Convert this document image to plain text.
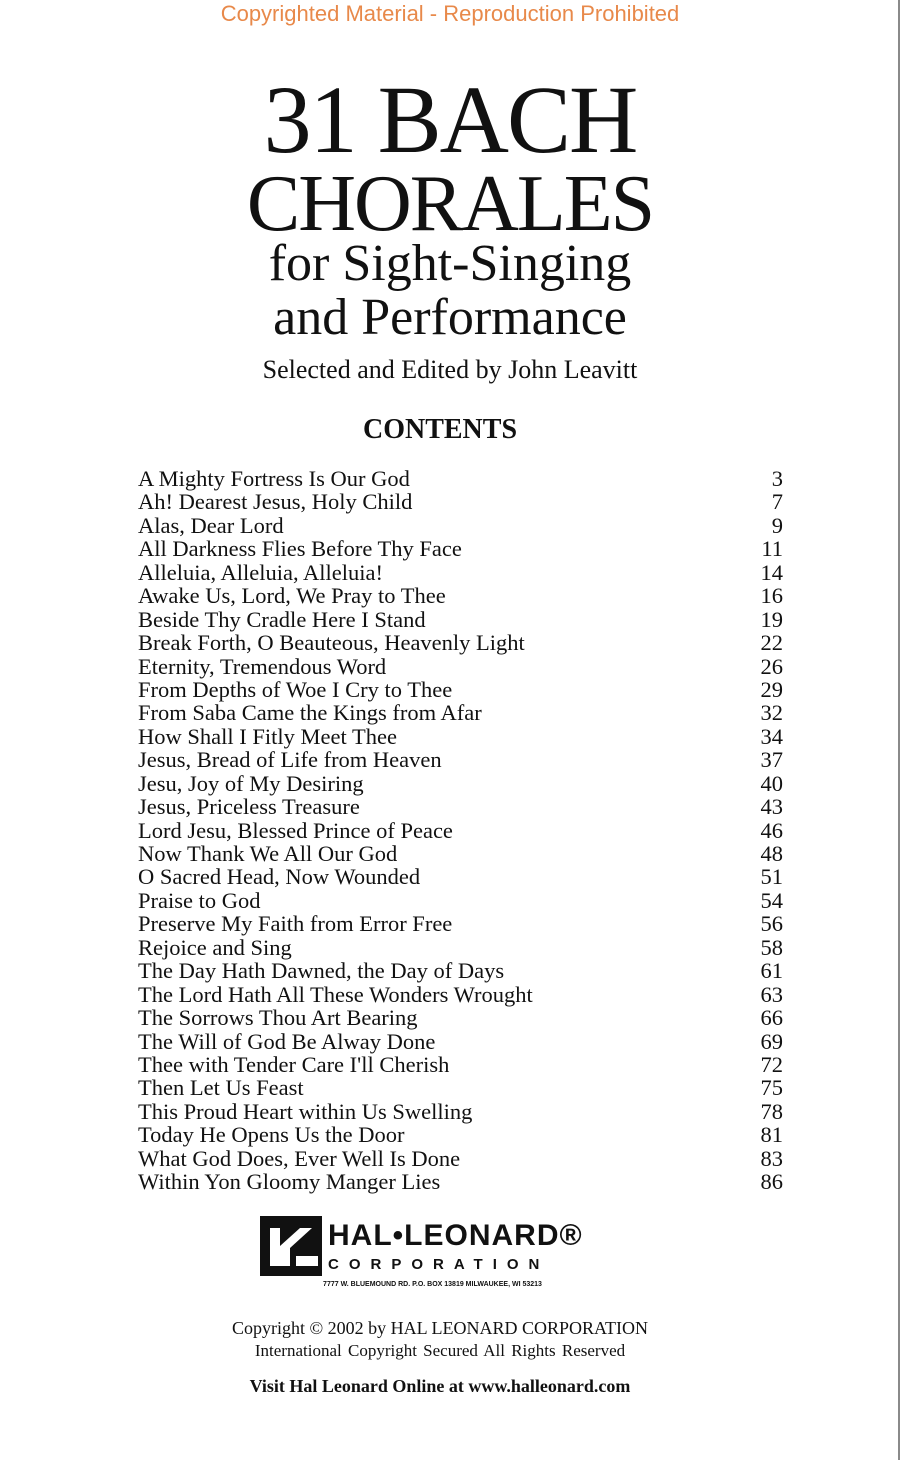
Copyrighted Material - Reproduction Prohibited
31 BACH
CHORALES
for Sight-Singing
and Performance
Selected and Edited by John Leavitt
CONTENTS
A Mighty Fortress Is Our God	3
Ah! Dearest Jesus, Holy Child	7
Alas, Dear Lord	9
All Darkness Flies Before Thy Face	11
Alleluia, Alleluia, Alleluia!	14
Awake Us, Lord, We Pray to Thee	16
Beside Thy Cradle Here I Stand	19
Break Forth, O Beauteous, Heavenly Light	22
Eternity, Tremendous Word	26
From Depths of Woe I Cry to Thee	29
From Saba Came the Kings from Afar	32
How Shall I Fitly Meet Thee	34
Jesus, Bread of Life from Heaven	37
Jesu, Joy of My Desiring	40
Jesus, Priceless Treasure	43
Lord Jesu, Blessed Prince of Peace	46
Now Thank We All Our God	48
O Sacred Head, Now Wounded	51
Praise to God	54
Preserve My Faith from Error Free	56
Rejoice and Sing	58
The Day Hath Dawned, the Day of Days	61
The Lord Hath All These Wonders Wrought	63
The Sorrows Thou Art Bearing	66
The Will of God Be Alway Done	69
Thee with Tender Care I'll Cherish	72
Then Let Us Feast	75
This Proud Heart within Us Swelling	78
Today He Opens Us the Door	81
What God Does, Ever Well Is Done	83
Within Yon Gloomy Manger Lies	86
HAL•LEONARD®
CORPORATION
7777 W. BLUEMOUND RD. P.O. BOX 13819 MILWAUKEE, WI 53213
Copyright © 2002 by HAL LEONARD CORPORATION
International Copyright Secured All Rights Reserved
Visit Hal Leonard Online at www.halleonard.com
